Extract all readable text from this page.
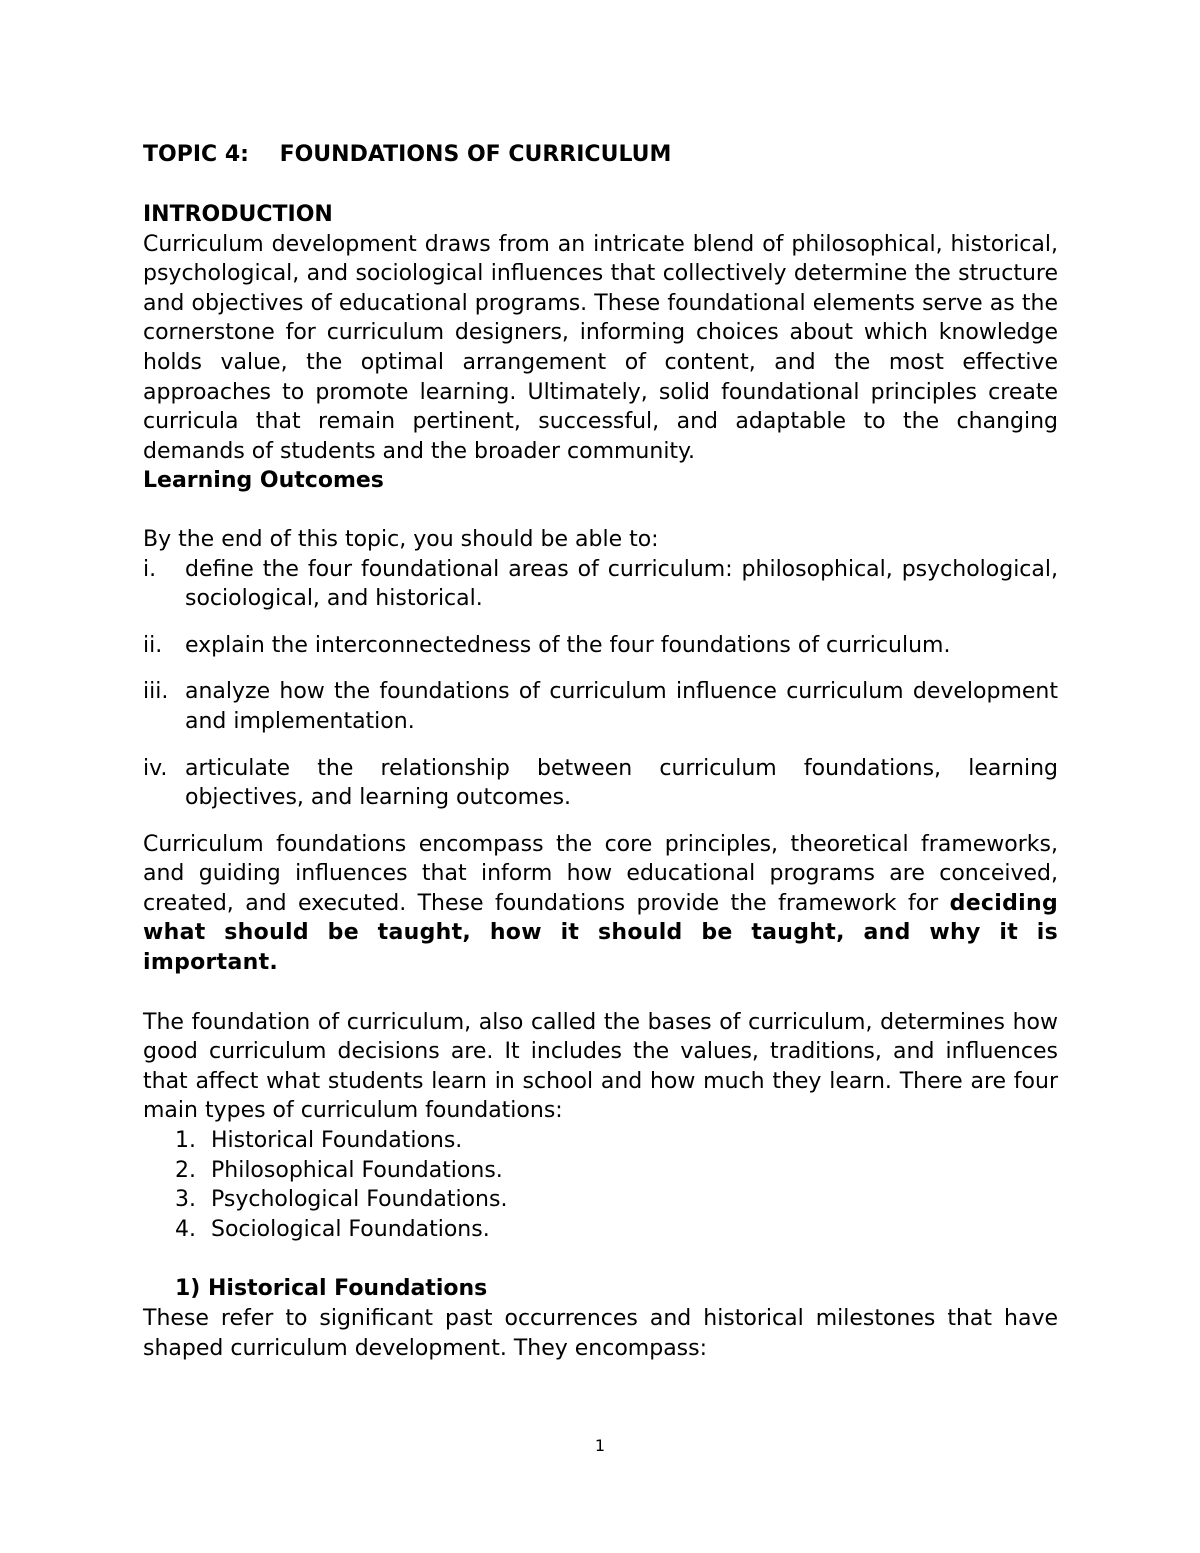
TOPIC 4:    FOUNDATIONS OF CURRICULUM

INTRODUCTION

Curriculum development draws from an intricate blend of philosophical, historical, psychological, and sociological influences that collectively determine the structure and objectives of educational programs. These foundational elements serve as the cornerstone for curriculum designers, informing choices about which knowledge holds value, the optimal arrangement of content, and the most effective approaches to promote learning. Ultimately, solid foundational principles create curricula that remain pertinent, successful, and adaptable to the changing demands of students and the broader community.

Learning Outcomes

By the end of this topic, you should be able to:

i. define the four foundational areas of curriculum: philosophical, psychological, sociological, and historical.
ii. explain the interconnectedness of the four foundations of curriculum.
iii. analyze how the foundations of curriculum influence curriculum development and implementation.
iv. articulate the relationship between curriculum foundations, learning objectives, and learning outcomes.

Curriculum foundations encompass the core principles, theoretical frameworks, and guiding influences that inform how educational programs are conceived, created, and executed. These foundations provide the framework for deciding what should be taught, how it should be taught, and why it is important.

The foundation of curriculum, also called the bases of curriculum, determines how good curriculum decisions are. It includes the values, traditions, and influences that affect what students learn in school and how much they learn. There are four main types of curriculum foundations:

1. Historical Foundations.
2. Philosophical Foundations.
3. Psychological Foundations.
4. Sociological Foundations.

1) Historical Foundations

These refer to significant past occurrences and historical milestones that have shaped curriculum development. They encompass:

1
